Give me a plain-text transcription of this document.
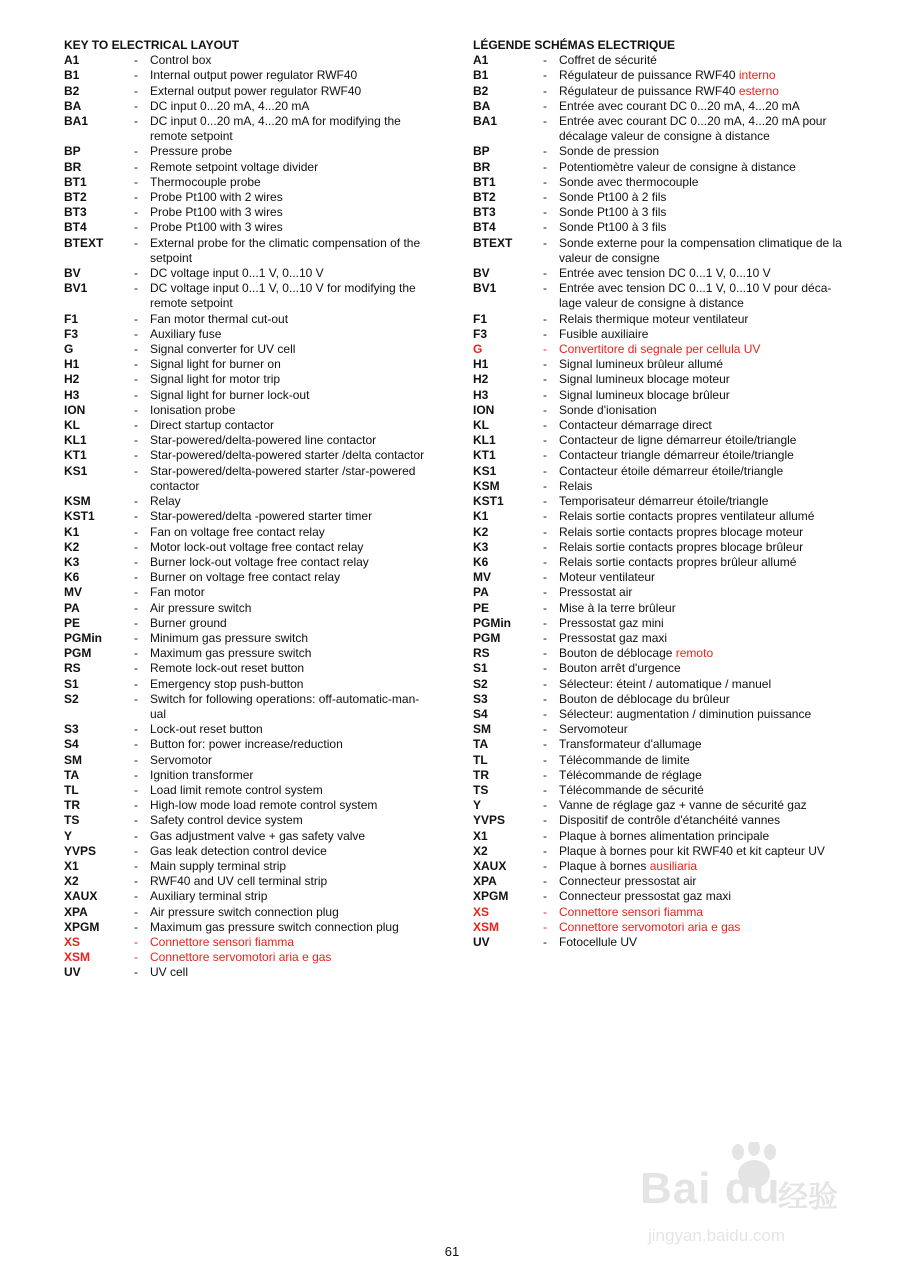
KEY TO ELECTRICAL LAYOUT
A1	-	Control box
B1	-	Internal output power regulator RWF40
B2	-	External output power regulator RWF40
BA	-	DC input 0...20 mA, 4...20 mA
BA1	-	DC input 0...20 mA, 4...20 mA for modifying the remote setpoint
BP	-	Pressure probe
BR	-	Remote setpoint voltage divider
BT1	-	Thermocouple probe
BT2	-	Probe Pt100 with 2 wires
BT3	-	Probe Pt100 with 3 wires
BT4	-	Probe Pt100 with 3 wires
BTEXT	-	External probe for the climatic compensation of the setpoint
BV	-	DC voltage input 0...1 V, 0...10 V
BV1	-	DC voltage input 0...1 V, 0...10 V for modifying the remote setpoint
F1	-	Fan motor thermal cut-out
F3	-	Auxiliary fuse
G	-	Signal converter for UV cell
H1	-	Signal light for burner on
H2	-	Signal light for motor trip
H3	-	Signal light for burner lock-out
ION	-	Ionisation probe
KL	-	Direct startup contactor
KL1	-	Star-powered/delta-powered line contactor
KT1	-	Star-powered/delta-powered starter /delta contactor
KS1	-	Star-powered/delta-powered starter /star-powered contactor
KSM	-	Relay
KST1	-	Star-powered/delta -powered starter timer
K1	-	Fan on voltage free contact relay
K2	-	Motor lock-out voltage free contact relay
K3	-	Burner lock-out voltage free contact relay
K6	-	Burner on voltage free contact relay
MV	-	Fan motor
PA	-	Air pressure switch
PE	-	Burner ground
PGMin	-	Minimum gas pressure switch
PGM	-	Maximum gas pressure switch
RS	-	Remote lock-out reset button
S1	-	Emergency stop push-button
S2	-	Switch for following operations: off-automatic-man-ual
S3	-	Lock-out reset button
S4	-	Button for: power increase/reduction
SM	-	Servomotor
TA	-	Ignition transformer
TL	-	Load limit remote control system
TR	-	High-low mode load remote control system
TS	-	Safety control device system
Y	-	Gas adjustment valve + gas safety valve
YVPS	-	Gas leak detection control device
X1	-	Main supply terminal strip
X2	-	RWF40 and UV cell terminal strip
XAUX	-	Auxiliary terminal strip
XPA	-	Air pressure switch connection plug
XPGM	-	Maximum gas pressure switch connection plug
XS	-	Connettore sensori fiamma
XSM	-	Connettore servomotori aria e gas
UV	-	UV cell
LÉGENDE SCHÉMAS ELECTRIQUE
A1	-	Coffret de sécurité
B1	-	Régulateur de puissance RWF40 interno
B2	-	Régulateur de puissance RWF40 esterno
BA	-	Entrée avec courant DC 0...20 mA, 4...20 mA
BA1	-	Entrée avec courant DC 0...20 mA, 4...20 mA pour décalage valeur de consigne à distance
BP	-	Sonde de pression
BR	-	Potentiomètre valeur de consigne à distance
BT1	-	Sonde avec thermocouple
BT2	-	Sonde Pt100 à 2 fils
BT3	-	Sonde Pt100 à 3 fils
BT4	-	Sonde Pt100 à 3 fils
BTEXT	-	Sonde externe pour la compensation climatique de la valeur de consigne
BV	-	Entrée avec tension DC 0...1 V, 0...10 V
BV1	-	Entrée avec tension DC 0...1 V, 0...10 V pour déca-lage valeur de consigne à distance
F1	-	Relais thermique moteur ventilateur
F3	-	Fusible auxiliaire
G	-	Convertitore di segnale per cellula UV
H1	-	Signal lumineux brûleur allumé
H2	-	Signal lumineux blocage moteur
H3	-	Signal lumineux blocage brûleur
ION	-	Sonde d'ionisation
KL	-	Contacteur démarrage direct
KL1	-	Contacteur de ligne démarreur étoile/triangle
KT1	-	Contacteur triangle démarreur étoile/triangle
KS1	-	Contacteur étoile démarreur étoile/triangle
KSM	-	Relais
KST1	-	Temporisateur démarreur étoile/triangle
K1	-	Relais sortie contacts propres ventilateur allumé
K2	-	Relais sortie contacts propres blocage moteur
K3	-	Relais sortie contacts propres blocage brûleur
K6	-	Relais sortie contacts propres brûleur allumé
MV	-	Moteur ventilateur
PA	-	Pressostat air
PE	-	Mise à la terre brûleur
PGMin	-	Pressostat gaz mini
PGM	-	Pressostat gaz maxi
RS	-	Bouton de déblocage remoto
S1	-	Bouton arrêt d'urgence
S2	-	Sélecteur: éteint / automatique / manuel
S3	-	Bouton de déblocage du brûleur
S4	-	Sélecteur: augmentation / diminution puissance
SM	-	Servomoteur
TA	-	Transformateur d'allumage
TL	-	Télécommande de limite
TR	-	Télécommande de réglage
TS	-	Télécommande de sécurité
Y	-	Vanne de réglage gaz + vanne de sécurité gaz
YVPS	-	Dispositif de contrôle d'étanchéité vannes
X1	-	Plaque à bornes alimentation principale
X2	-	Plaque à bornes pour kit RWF40 et kit capteur UV
XAUX	-	Plaque à bornes ausiliaria
XPA	-	Connecteur pressostat air
XPGM	-	Connecteur pressostat gaz maxi
XS	-	Connettore sensori fiamma
XSM	-	Connettore servomotori aria e gas
UV	-	Fotocellule UV
61
Bai du
经验
jingyan.baidu.com
